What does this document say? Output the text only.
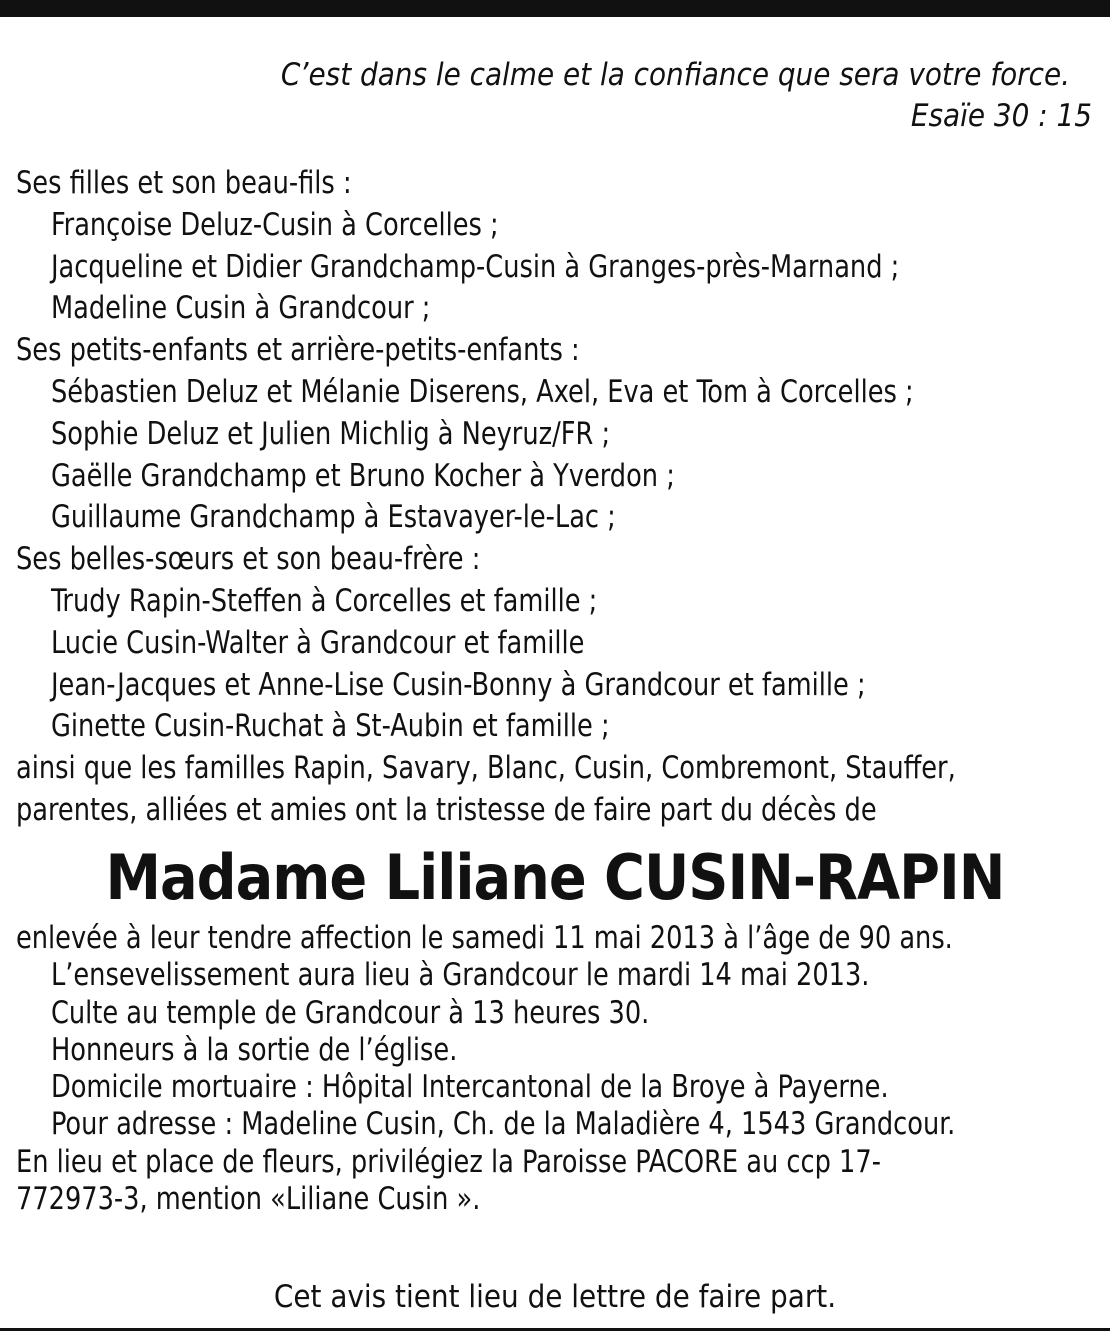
C’est dans le calme et la confiance que sera votre force.
Esaïe 30 : 15
Ses filles et son beau-fils :
Françoise Deluz-Cusin à Corcelles ;
Jacqueline et Didier Grandchamp-Cusin à Granges-près-Marnand ;
Madeline Cusin à Grandcour ;
Ses petits-enfants et arrière-petits-enfants :
Sébastien Deluz et Mélanie Diserens, Axel, Eva et Tom à Corcelles ;
Sophie Deluz et Julien Michlig à Neyruz/FR ;
Gaëlle Grandchamp et Bruno Kocher à Yverdon ;
Guillaume Grandchamp à Estavayer-le-Lac ;
Ses belles-sœurs et son beau-frère :
Trudy Rapin-Steffen à Corcelles et famille ;
Lucie Cusin-Walter à Grandcour et famille
Jean-Jacques et Anne-Lise Cusin-Bonny à Grandcour et famille ;
Ginette Cusin-Ruchat à St-Aubin et famille ;
ainsi que les familles Rapin, Savary, Blanc, Cusin, Combremont, Stauffer,
parentes, alliées et amies ont la tristesse de faire part du décès de
Madame Liliane CUSIN-RAPIN
enlevée à leur tendre affection le samedi 11 mai 2013 à l’âge de 90 ans.
L’ensevelissement aura lieu à Grandcour le mardi 14 mai 2013.
Culte au temple de Grandcour à 13 heures 30.
Honneurs à la sortie de l’église.
Domicile mortuaire : Hôpital Intercantonal de la Broye à Payerne.
Pour adresse : Madeline Cusin, Ch. de la Maladière 4, 1543 Grandcour.
En lieu et place de fleurs, privilégiez la Paroisse PACORE au ccp 17-
772973-3, mention «Liliane Cusin ».
Cet avis tient lieu de lettre de faire part.
